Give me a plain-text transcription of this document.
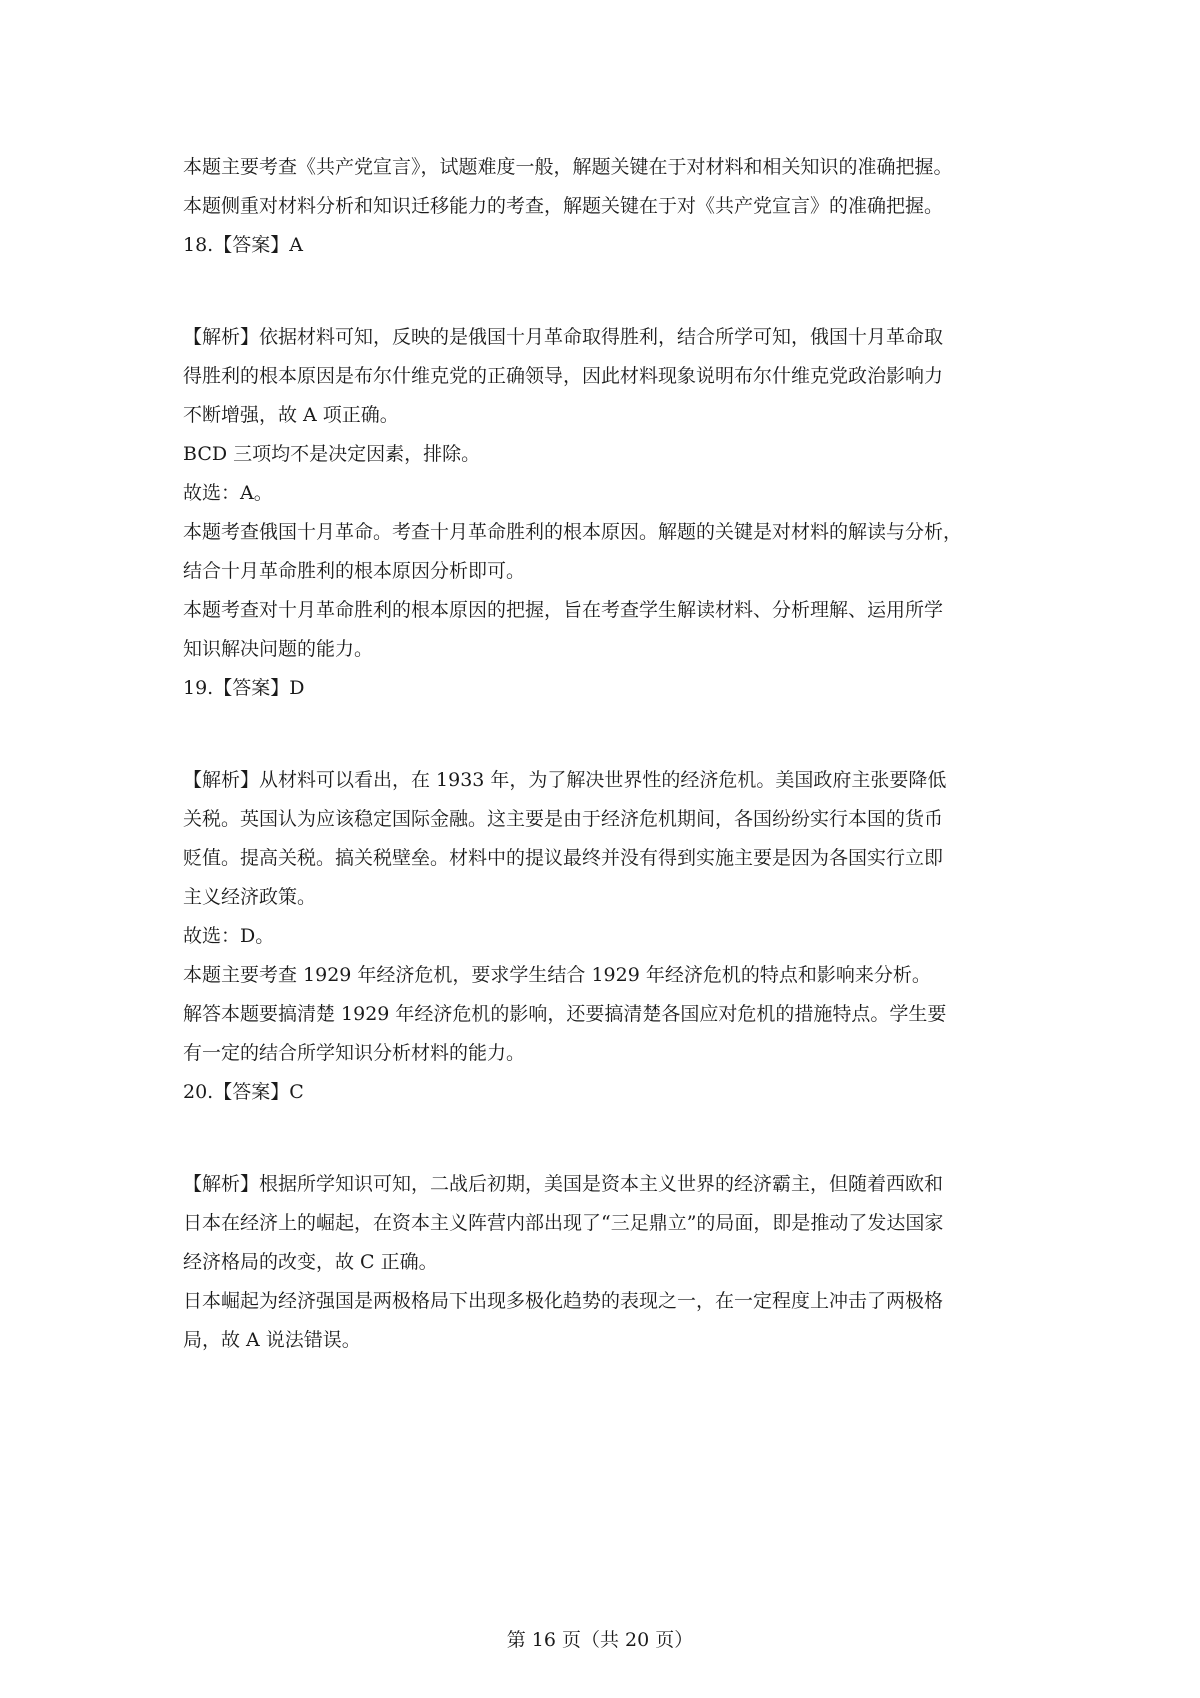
本题主要考查《共产党宣言》，试题难度一般，解题关键在于对材料和相关知识的准确把握。

本题侧重对材料分析和知识迁移能力的考查，解题关键在于对《共产党宣言》的准确把握。

18.【答案】A

【解析】依据材料可知，反映的是俄国十月革命取得胜利，结合所学可知，俄国十月革命取

得胜利的根本原因是布尔什维克党的正确领导，因此材料现象说明布尔什维克党政治影响力

不断增强，故 A 项正确。

BCD 三项均不是决定因素，排除。

故选：A。

本题考查俄国十月革命。考查十月革命胜利的根本原因。解题的关键是对材料的解读与分析，

结合十月革命胜利的根本原因分析即可。

本题考查对十月革命胜利的根本原因的把握，旨在考查学生解读材料、分析理解、运用所学

知识解决问题的能力。

19.【答案】D

【解析】从材料可以看出，在 1933 年，为了解决世界性的经济危机。美国政府主张要降低

关税。英国认为应该稳定国际金融。这主要是由于经济危机期间，各国纷纷实行本国的货币

贬值。提高关税。搞关税壁垒。材料中的提议最终并没有得到实施主要是因为各国实行立即

主义经济政策。

故选：D。

本题主要考查 1929 年经济危机，要求学生结合 1929 年经济危机的特点和影响来分析。

解答本题要搞清楚 1929 年经济危机的影响，还要搞清楚各国应对危机的措施特点。学生要

有一定的结合所学知识分析材料的能力。

20.【答案】C

【解析】根据所学知识可知，二战后初期，美国是资本主义世界的经济霸主，但随着西欧和

日本在经济上的崛起，在资本主义阵营内部出现了“三足鼎立”的局面，即是推动了发达国家

经济格局的改变，故 C 正确。

日本崛起为经济强国是两极格局下出现多极化趋势的表现之一，在一定程度上冲击了两极格

局，故 A 说法错误。

第 16 页（共 20 页）
